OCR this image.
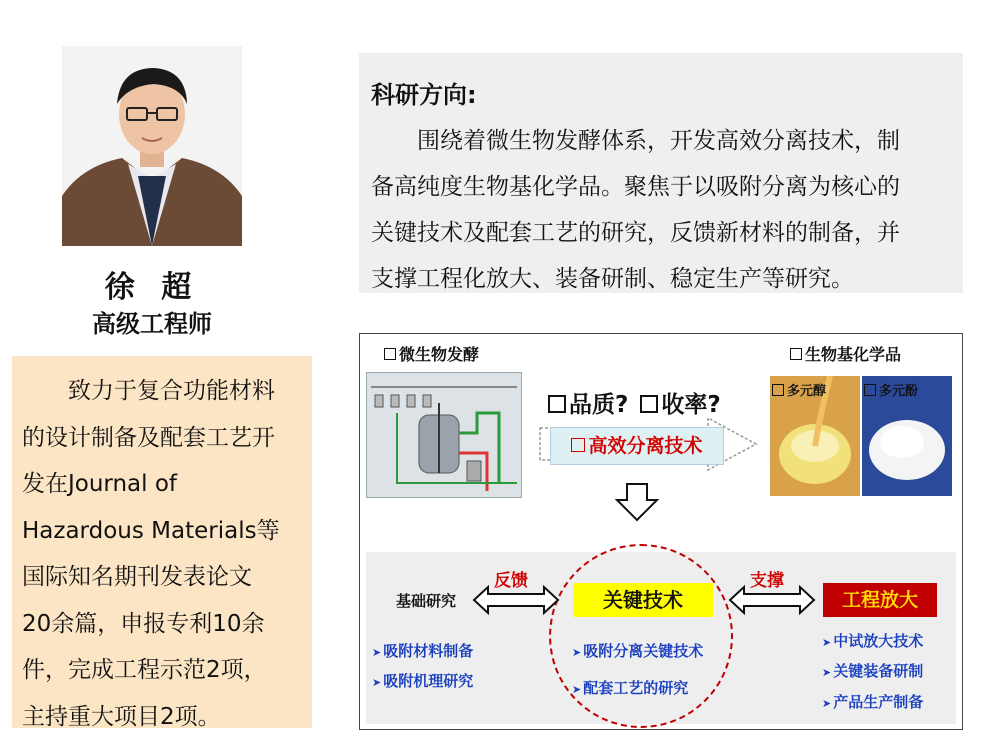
徐 超
高级工程师
致力于复合功能材料
的设计制备及配套工艺开
发在Journal of
Hazardous Materials等
国际知名期刊发表论文
20余篇，申报专利10余
件，完成工程示范2项，
主持重大项目2项。
科研方向:
围绕着微生物发酵体系，开发高效分离技术，制
备高纯度生物基化学品。聚焦于以吸附分离为核心的
关键技术及配套工艺的研究，反馈新材料的制备，并
支撑工程化放大、装备研制、稳定生产等研究。
微生物发酵	生物基化学品
品质? 收率?
高效分离技术
多元醇	多元酚
基础研究
反馈	支撑
关键技术	工程放大
➤ 吸附材料制备
➤ 吸附机理研究
➤ 吸附分离关键技术
➤ 配套工艺的研究
➤ 中试放大技术
➤ 关键装备研制
➤ 产品生产制备
